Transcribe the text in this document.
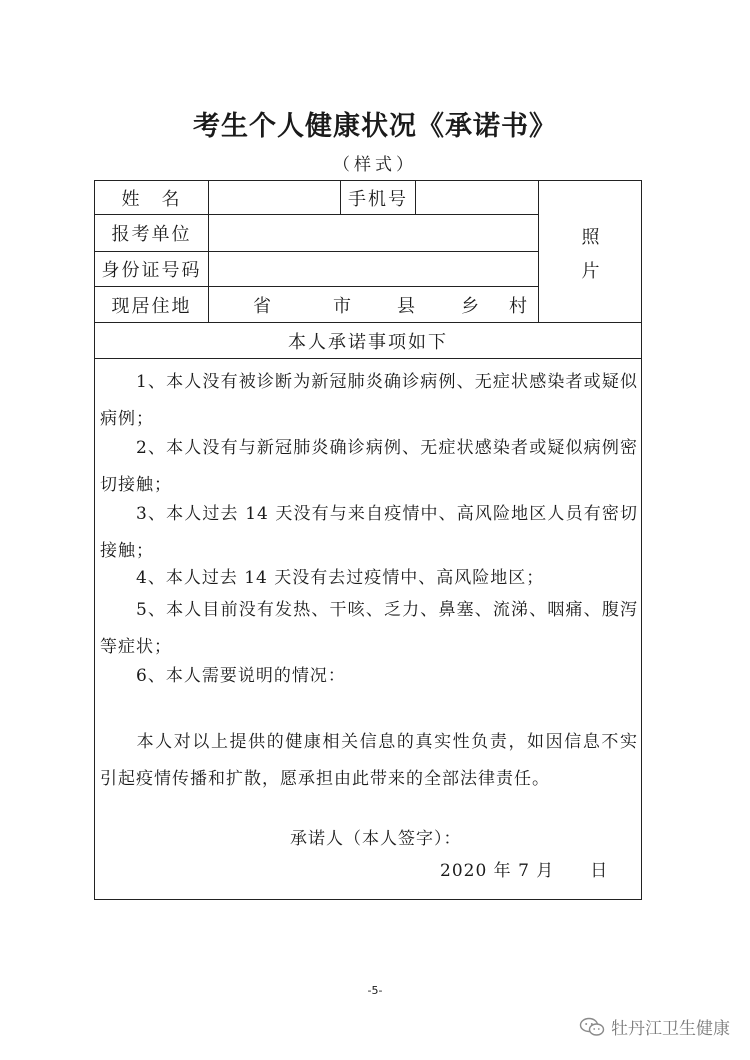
考生个人健康状况《承诺书》
（样式）
姓　名	手机号
报考单位
身份证号码
现居住地	省	市	县	乡 村
照
片
本人承诺事项如下
1、本人没有被诊断为新冠肺炎确诊病例、无症状感染者或疑似病例；
2、本人没有与新冠肺炎确诊病例、无症状感染者或疑似病例密切接触；
3、本人过去 14 天没有与来自疫情中、高风险地区人员有密切接触；
4、本人过去 14 天没有去过疫情中、高风险地区；
5、本人目前没有发热、干咳、乏力、鼻塞、流涕、咽痛、腹泻等症状；
6、本人需要说明的情况：
本人对以上提供的健康相关信息的真实性负责，如因信息不实引起疫情传播和扩散，愿承担由此带来的全部法律责任。
承诺人（本人签字）：
2020 年 7 月　　日
-5-
牡丹江卫生健康
